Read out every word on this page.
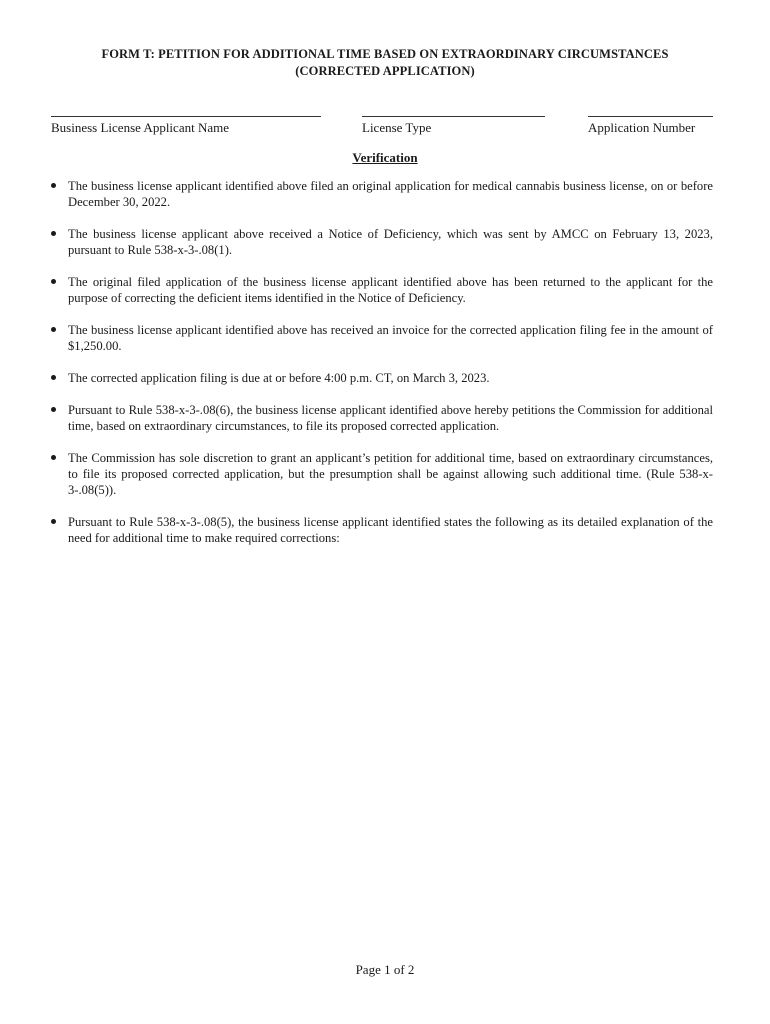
FORM T: PETITION FOR ADDITIONAL TIME BASED ON EXTRAORDINARY CIRCUMSTANCES
(CORRECTED APPLICATION)
Business License Applicant Name	License Type	Application Number
Verification
The business license applicant identified above filed an original application for medical cannabis business license, on or before December 30, 2022.
The business license applicant above received a Notice of Deficiency, which was sent by AMCC on February 13, 2023, pursuant to Rule 538-x-3-.08(1).
The original filed application of the business license applicant identified above has been returned to the applicant for the purpose of correcting the deficient items identified in the Notice of Deficiency.
The business license applicant identified above has received an invoice for the corrected application filing fee in the amount of $1,250.00.
The corrected application filing is due at or before 4:00 p.m. CT, on March 3, 2023.
Pursuant to Rule 538-x-3-.08(6), the business license applicant identified above hereby petitions the Commission for additional time, based on extraordinary circumstances, to file its proposed corrected application.
The Commission has sole discretion to grant an applicant’s petition for additional time, based on extraordinary circumstances, to file its proposed corrected application, but the presumption shall be against allowing such additional time. (Rule 538-x-3-.08(5)).
Pursuant to Rule 538-x-3-.08(5), the business license applicant identified states the following as its detailed explanation of the need for additional time to make required corrections:
Page 1 of 2
